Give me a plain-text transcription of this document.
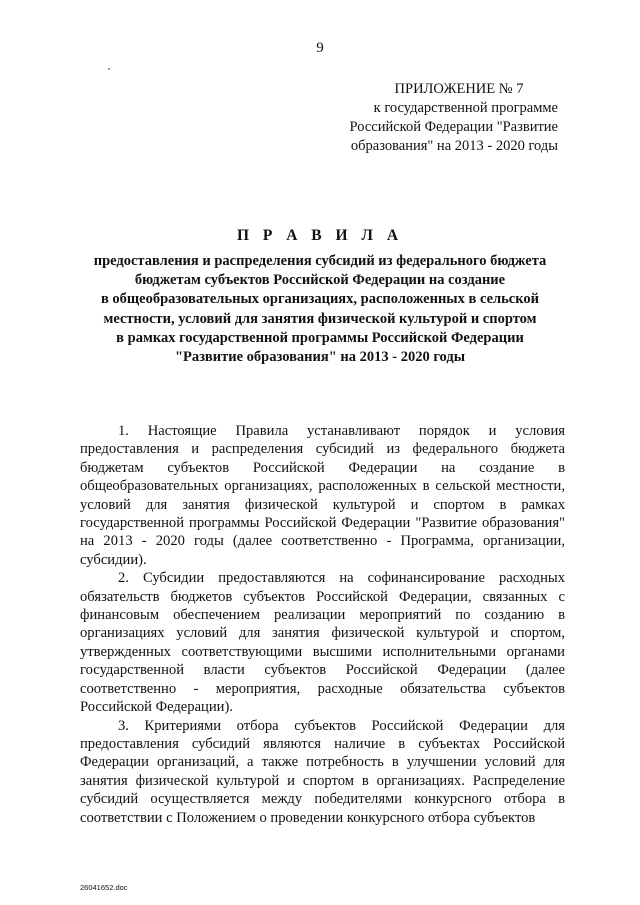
9
ПРИЛОЖЕНИЕ № 7
к государственной программе
Российской Федерации "Развитие
образования" на 2013 - 2020 годы
П Р А В И Л А
предоставления и распределения субсидий из федерального бюджета
бюджетам субъектов Российской Федерации на создание
в общеобразовательных организациях, расположенных в сельской
местности, условий для занятия физической культурой и спортом
в рамках государственной программы Российской Федерации
"Развитие образования" на 2013 - 2020 годы

1. Настоящие Правила устанавливают порядок и условия предоставления и распределения субсидий из федерального бюджета бюджетам субъектов Российской Федерации на создание в общеобразовательных организациях, расположенных в сельской местности, условий для занятия физической культурой и спортом в рамках государственной программы Российской Федерации "Развитие образования" на 2013 - 2020 годы (далее соответственно - Программа, организации, субсидии).

2. Субсидии предоставляются на софинансирование расходных обязательств бюджетов субъектов Российской Федерации, связанных с финансовым обеспечением реализации мероприятий по созданию в организациях условий для занятия физической культурой и спортом, утвержденных соответствующими высшими исполнительными органами государственной власти субъектов Российской Федерации (далее соответственно - мероприятия, расходные обязательства субъектов Российской Федерации).

3. Критериями отбора субъектов Российской Федерации для предоставления субсидий являются наличие в субъектах Российской Федерации организаций, а также потребность в улучшении условий для занятия физической культурой и спортом в организациях. Распределение субсидий осуществляется между победителями конкурсного отбора в соответствии с Положением о проведении конкурсного отбора субъектов

26041652.doc
